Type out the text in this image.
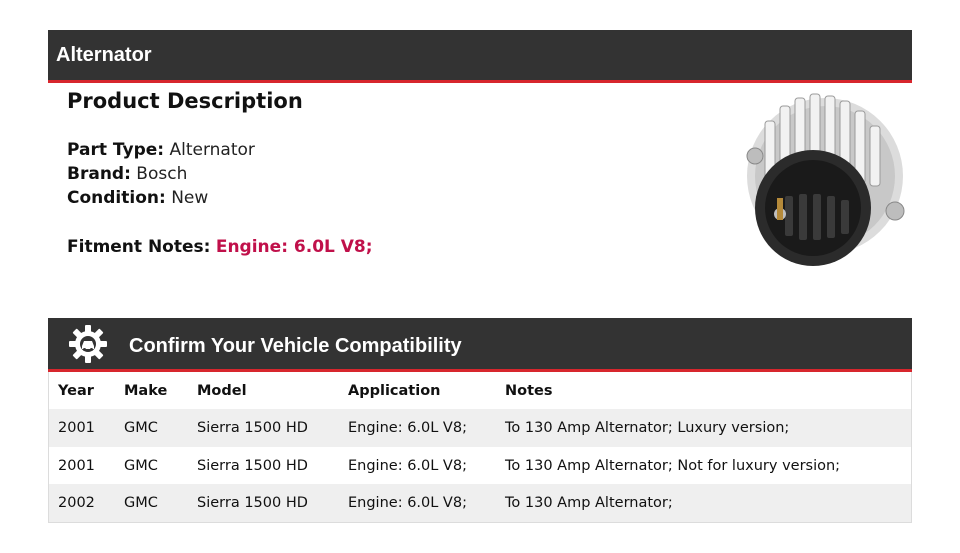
Alternator
Product Description
Part Type: Alternator
Brand: Bosch
Condition: New
Fitment Notes: Engine: 6.0L V8;
Confirm Your Vehicle Compatibility
Year Make Model	Application	Notes
2001 GMC	Sierra 1500 HD	Engine: 6.0L V8;	To 130 Amp Alternator; Luxury version;
2001 GMC	Sierra 1500 HD	Engine: 6.0L V8;	To 130 Amp Alternator; Not for luxury version;
2002 GMC	Sierra 1500 HD	Engine: 6.0L V8;	To 130 Amp Alternator;
